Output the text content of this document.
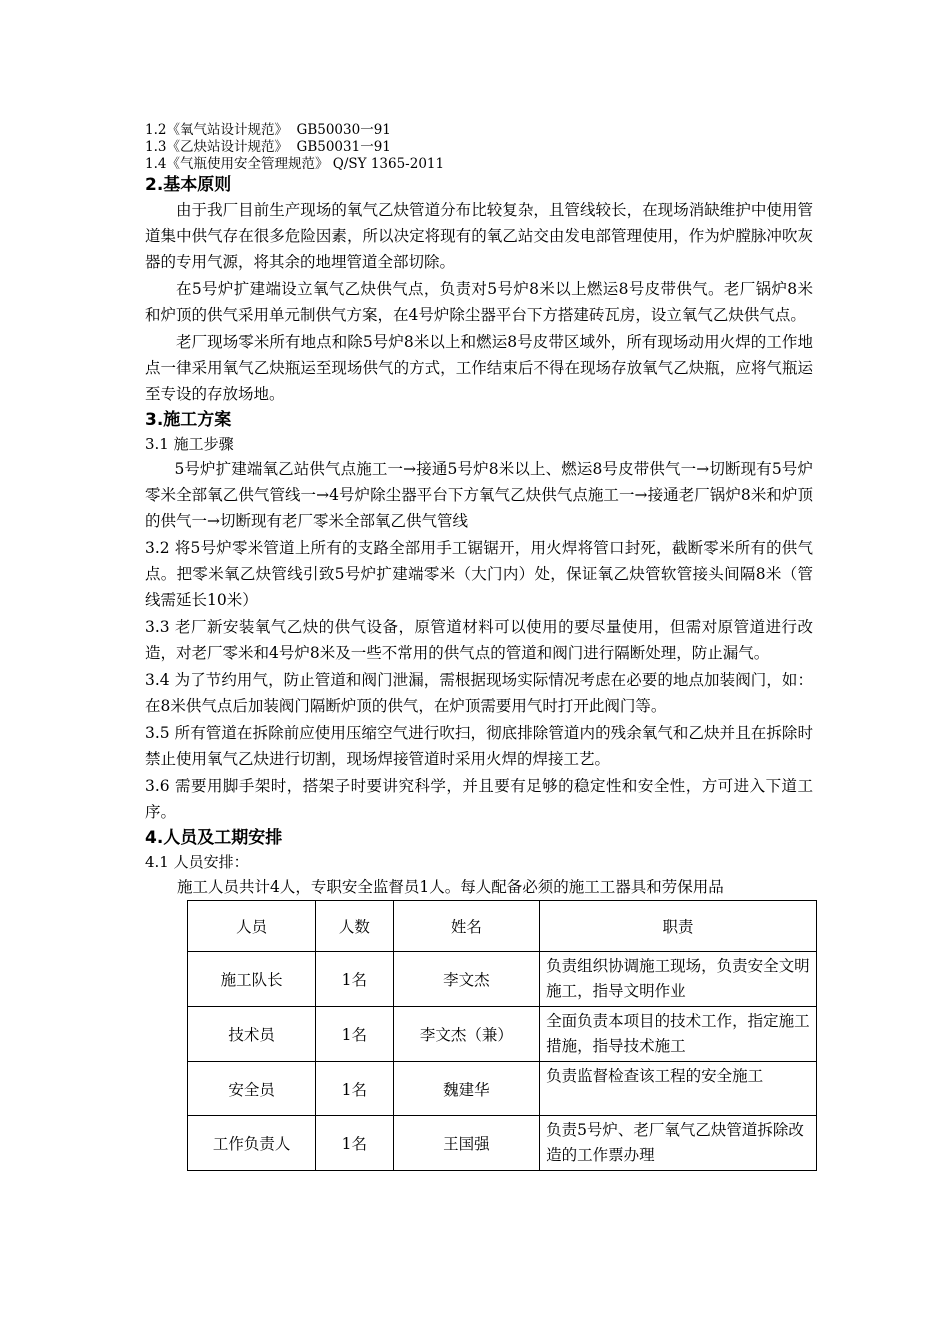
1.2《氧气站设计规范》  GB50030一91
1.3《乙炔站设计规范》  GB50031一91
1.4《气瓶使用安全管理规范》 Q/SY 1365-2011
2.基本原则

由于我厂目前生产现场的氧气乙炔管道分布比较复杂，且管线较长，在现场消缺维护中使用管道集中供气存在很多危险因素，所以决定将现有的氧乙站交由发电部管理使用，作为炉膛脉冲吹灰器的专用气源，将其余的地埋管道全部切除。

在5号炉扩建端设立氧气乙炔供气点，负责对5号炉8米以上燃运8号皮带供气。老厂锅炉8米和炉顶的供气采用单元制供气方案，在4号炉除尘器平台下方搭建砖瓦房，设立氧气乙炔供气点。

老厂现场零米所有地点和除5号炉8米以上和燃运8号皮带区域外，所有现场动用火焊的工作地点一律采用氧气乙炔瓶运至现场供气的方式，工作结束后不得在现场存放氧气乙炔瓶，应将气瓶运至专设的存放场地。

3.施工方案

3.1 施工步骤

5号炉扩建端氧乙站供气点施工一→接通5号炉8米以上、燃运8号皮带供气一→切断现有5号炉零米全部氧乙供气管线一→4号炉除尘器平台下方氧气乙炔供气点施工一→接通老厂锅炉8米和炉顶的供气一→切断现有老厂零米全部氧乙供气管线

3.2 将5号炉零米管道上所有的支路全部用手工锯锯开，用火焊将管口封死，截断零米所有的供气点。把零米氧乙炔管线引致5号炉扩建端零米（大门内）处，保证氧乙炔管软管接头间隔8米（管线需延长10米）

3.3 老厂新安装氧气乙炔的供气设备，原管道材料可以使用的要尽量使用，但需对原管道进行改造，对老厂零米和4号炉8米及一些不常用的供气点的管道和阀门进行隔断处理，防止漏气。

3.4 为了节约用气，防止管道和阀门泄漏，需根据现场实际情况考虑在必要的地点加装阀门，如：在8米供气点后加装阀门隔断炉顶的供气，在炉顶需要用气时打开此阀门等。

3.5 所有管道在拆除前应使用压缩空气进行吹扫，彻底排除管道内的残余氧气和乙炔并且在拆除时禁止使用氧气乙炔进行切割，现场焊接管道时采用火焊的焊接工艺。

3.6 需要用脚手架时，搭架子时要讲究科学，并且要有足够的稳定性和安全性，方可进入下道工序。

4.人员及工期安排

4.1 人员安排：

施工人员共计4人，专职安全监督员1人。每人配备必须的施工工器具和劳保用品

人员	人数	姓名	职责
施工队长	1名	李文杰	负责组织协调施工现场，负责安全文明施工，指导文明作业
技术员	1名	李文杰（兼）	全面负责本项目的技术工作，指定施工措施，指导技术施工
安全员	1名	魏建华	负责监督检查该工程的安全施工
工作负责人	1名	王国强	负责5号炉、老厂氧气乙炔管道拆除改造的工作票办理
